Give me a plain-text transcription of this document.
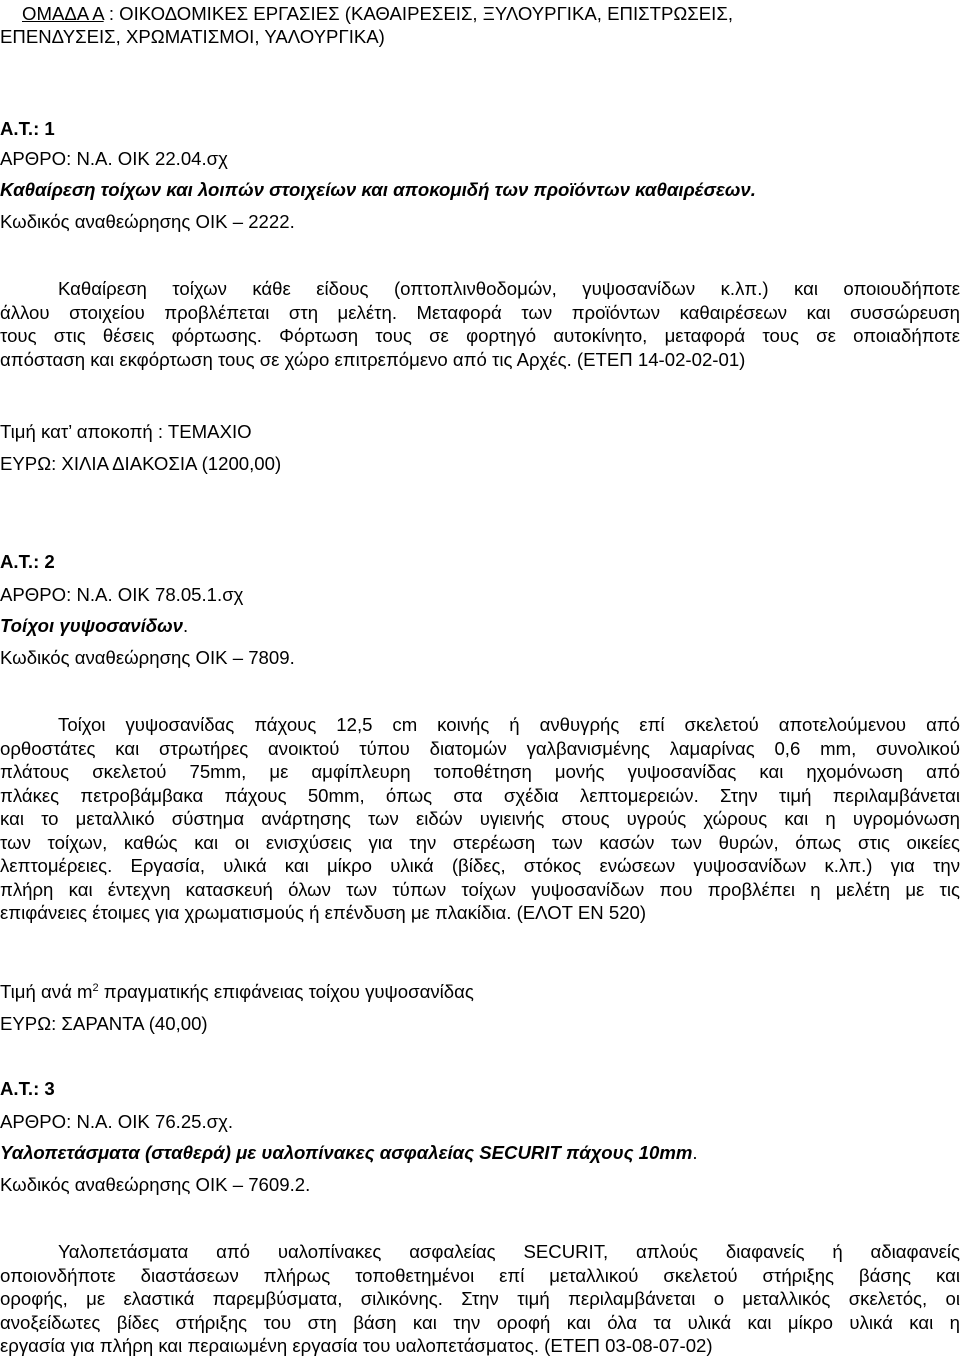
ΟΜΑΔΑ Α : ΟΙΚΟΔΟΜΙΚΕΣ ΕΡΓΑΣΙΕΣ (ΚΑΘΑΙΡΕΣΕΙΣ, ΞΥΛΟΥΡΓΙΚΑ, ΕΠΙΣΤΡΩΣΕΙΣ,

ΕΠΕΝΔΥΣΕΙΣ, ΧΡΩΜΑΤΙΣΜΟΙ, ΥΑΛΟΥΡΓΙΚΑ)

Α.Τ.: 1

ΑΡΘΡΟ: Ν.Α. ΟΙΚ 22.04.σχ

Καθαίρεση τοίχων και λοιπών στοιχείων και αποκομιδή των προϊόντων καθαιρέσεων.

Κωδικός αναθεώρησης ΟΙΚ – 2222.

Καθαίρεση τοίχων κάθε είδους (οπτοπλινθοδομών, γυψοσανίδων κ.λπ.) και οποιουδήποτε
άλλου στοιχείου προβλέπεται στη μελέτη. Μεταφορά των προϊόντων καθαιρέσεων και συσσώρευση
τους στις θέσεις φόρτωσης. Φόρτωση τους σε φορτηγό αυτοκίνητο, μεταφορά τους σε οποιαδήποτε
απόσταση και εκφόρτωση τους σε χώρο επιτρεπόμενο από τις Αρχές. (ΕΤΕΠ 14-02-02-01)

Τιμή κατ’ αποκοπή : ΤΕΜΑΧΙΟ

ΕΥΡΩ: ΧΙΛΙΑ ΔΙΑΚΟΣΙΑ (1200,00)

Α.Τ.: 2

ΑΡΘΡΟ: Ν.Α. ΟΙΚ 78.05.1.σχ

Τοίχοι γυψοσανίδων.

Κωδικός αναθεώρησης ΟΙΚ – 7809.

Τοίχοι γυψοσανίδας πάχους 12,5 cm κοινής ή ανθυγρής επί σκελετού αποτελούμενου από
ορθοστάτες και στρωτήρες ανοικτού τύπου διατομών γαλβανισμένης λαμαρίνας 0,6 mm, συνολικού
πλάτους σκελετού 75mm, με αμφίπλευρη τοποθέτηση μονής γυψοσανίδας και ηχομόνωση από
πλάκες πετροβάμβακα πάχους 50mm, όπως στα σχέδια λεπτομερειών. Στην τιμή περιλαμβάνεται
και το μεταλλικό σύστημα ανάρτησης των ειδών υγιεινής στους υγρούς χώρους και η υγρομόνωση
των τοίχων, καθώς και οι ενισχύσεις για την στερέωση των κασών των θυρών, όπως στις οικείες
λεπτομέρειες. Εργασία, υλικά και μίκρο υλικά (βίδες, στόκος ενώσεων γυψοσανίδων κ.λπ.) για την
πλήρη και έντεχνη κατασκευή όλων των τύπων τοίχων γυψοσανίδων που προβλέπει η μελέτη με τις
επιφάνειες έτοιμες για χρωματισμούς ή επένδυση με πλακίδια. (ΕΛΟΤ ΕΝ 520)

Τιμή ανά $m^2$ πραγματικής επιφάνειας τοίχου γυψοσανίδας

ΕΥΡΩ: ΣΑΡΑΝΤΑ (40,00)

Α.Τ.: 3

ΑΡΘΡΟ: Ν.Α. ΟΙΚ 76.25.σχ.

Υαλοπετάσματα (σταθερά) με υαλοπίνακες ασφαλείας SECURIT πάχους 10mm.

Κωδικός αναθεώρησης ΟΙΚ – 7609.2.

Υαλοπετάσματα από υαλοπίνακες ασφαλείας SECURIT, απλούς διαφανείς ή αδιαφανείς
οποιονδήποτε διαστάσεων πλήρως τοποθετημένοι επί μεταλλικού σκελετού στήριξης βάσης και
οροφής, με ελαστικά παρεμβύσματα, σιλικόνης. Στην τιμή περιλαμβάνεται ο μεταλλικός σκελετός, οι
ανοξείδωτες βίδες στήριξης του στη βάση και την οροφή και όλα τα υλικά και μίκρο υλικά και η
εργασία για πλήρη και περαιωμένη εργασία του υαλοπετάσματος. (ΕΤΕΠ 03-08-07-02)
